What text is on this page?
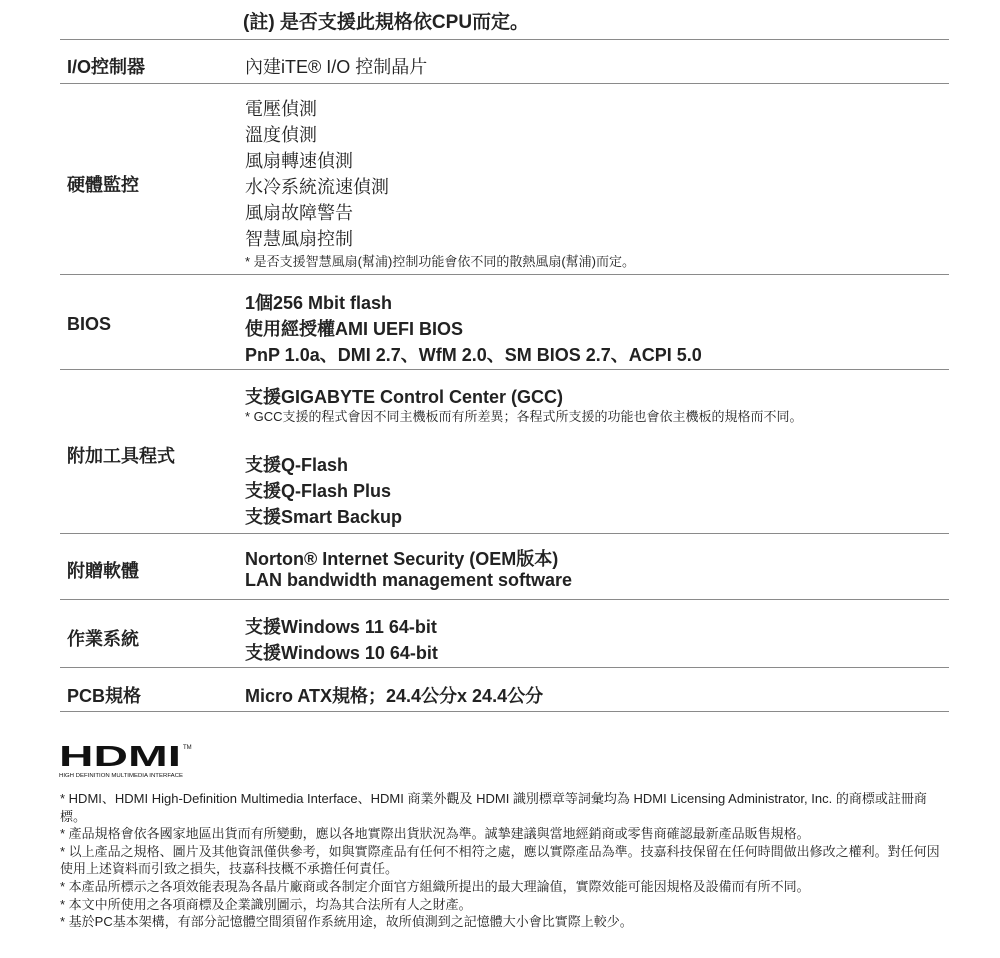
(註) 是否支援此規格依CPU而定。
I/O控制器	內建iTE® I/O 控制晶片
硬體監控
電壓偵測
溫度偵測
風扇轉速偵測
水冷系統流速偵測
風扇故障警告
智慧風扇控制
* 是否支援智慧風扇(幫浦)控制功能會依不同的散熱風扇(幫浦)而定。
BIOS
1個256 Mbit flash
使用經授權AMI UEFI BIOS
PnP 1.0a、DMI 2.7、WfM 2.0、SM BIOS 2.7、ACPI 5.0
附加工具程式
支援GIGABYTE Control Center (GCC)
* GCC支援的程式會因不同主機板而有所差異；各程式所支援的功能也會依主機板的規格而不同。
支援Q-Flash
支援Q-Flash Plus
支援Smart Backup
附贈軟體
Norton® Internet Security (OEM版本)
LAN bandwidth management software
作業系統
支援Windows 11 64-bit
支援Windows 10 64-bit
PCB規格	Micro ATX規格；24.4公分x 24.4公分
HDMI TM
HIGH DEFINITION MULTIMEDIA INTERFACE
* HDMI、HDMI High-Definition Multimedia Interface、HDMI 商業外觀及 HDMI 識別標章等詞彙均為 HDMI Licensing Administrator, Inc. 的商標或註冊商標。
* 產品規格會依各國家地區出貨而有所變動，應以各地實際出貨狀況為準。誠摯建議與當地經銷商或零售商確認最新產品販售規格。
* 以上產品之規格、圖片及其他資訊僅供參考，如與實際產品有任何不相符之處，應以實際產品為準。技嘉科技保留在任何時間做出修改之權利。對任何因使用上述資料而引致之損失，技嘉科技概不承擔任何責任。
* 本產品所標示之各項效能表現為各晶片廠商或各制定介面官方組織所提出的最大理論值，實際效能可能因規格及設備而有所不同。
* 本文中所使用之各項商標及企業識別圖示，均為其合法所有人之財產。
* 基於PC基本架構，有部分記憶體空間須留作系統用途，故所偵測到之記憶體大小會比實際上較少。
